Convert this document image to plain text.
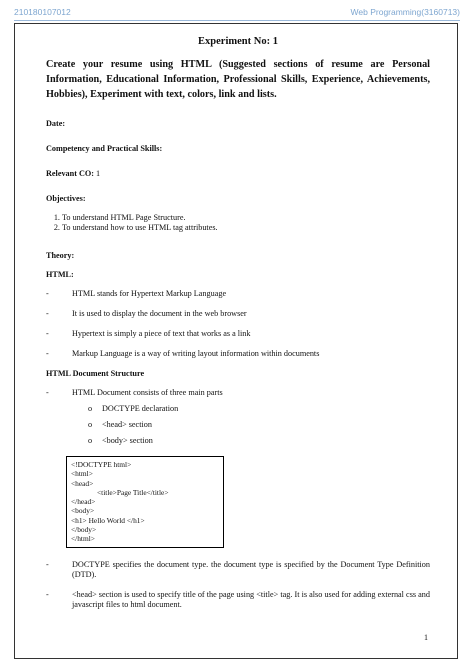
210180107012	Web Programming(3160713)
Experiment No: 1
Create your resume using HTML (Suggested sections of resume are Personal Information, Educational Information, Professional Skills, Experience, Achievements, Hobbies), Experiment with text, colors, link and lists.
Date:
Competency and Practical Skills:
Relevant CO: 1
Objectives:
1. To understand HTML Page Structure.
2. To understand how to use HTML tag attributes.
Theory:
HTML:
-	HTML stands for Hypertext Markup Language
-	It is used to display the document in the web browser
-	Hypertext is simply a piece of text that works as a link
-	Markup Language is a way of writing layout information within documents
HTML Document Structure
-	HTML Document consists of three main parts
o DOCTYPE declaration
o <head> section
o <body> section
<!DOCTYPE html>
<html>
<head>
<title>Page Title</title>
</head>
<body>
<h1> Hello World </h1>
</body>
</html>
-	DOCTYPE specifies the document type. the document type is specified by the Document Type Definition (DTD).
-	<head> section is used to specify title of the page using <title> tag. It is also used for adding external css and javascript files to html document.
1
